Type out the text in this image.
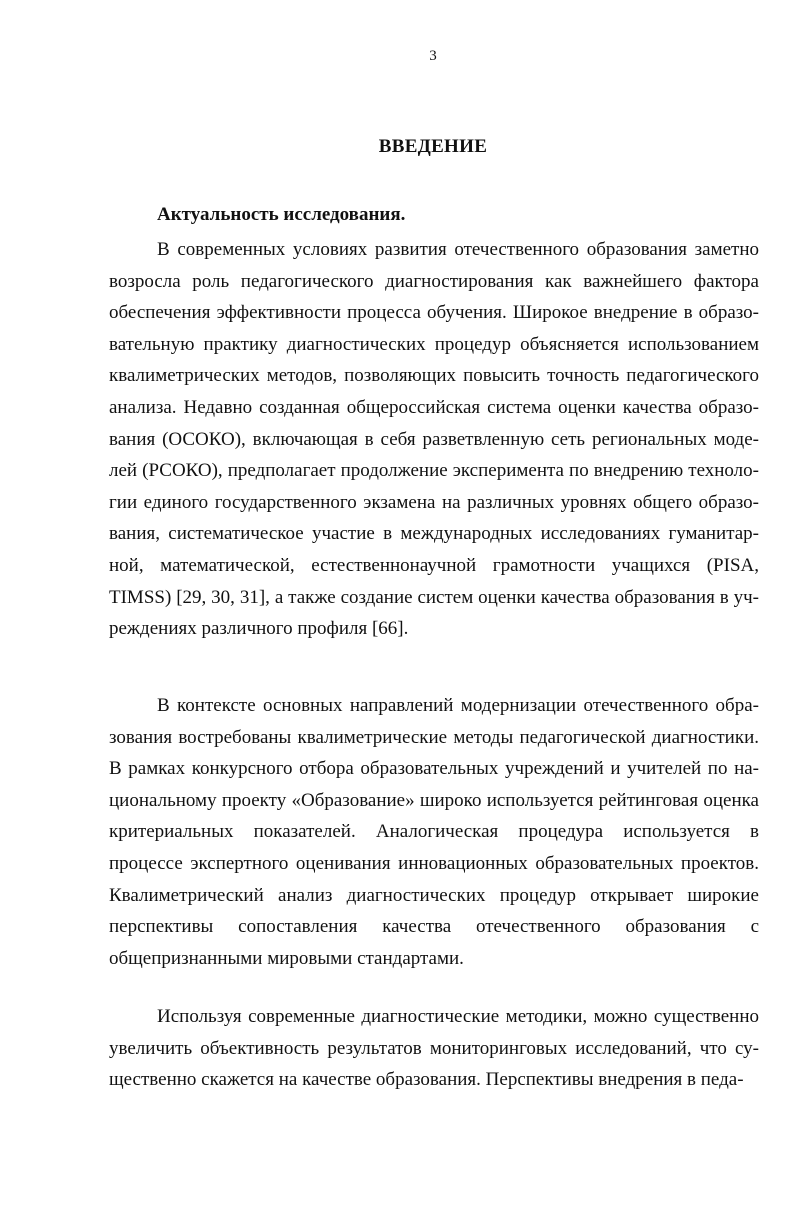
3
ВВЕДЕНИЕ
Актуальность исследования.

В современных условиях развития отечественного образования заметно возросла роль педагогического диагностирования как важнейшего фактора обеспечения эффективности процесса обучения. Широкое внедрение в образовательную практику диагностических процедур объясняется использованием квалиметрических методов, позволяющих повысить точность педагогического анализа. Недавно созданная общероссийская система оценки качества образования (ОСОКО), включающая в себя разветвленную сеть региональных моделей (РСОКО), предполагает продолжение эксперимента по внедрению технологии единого государственного экзамена на различных уровнях общего образования, систематическое участие в международных исследованиях гуманитарной, математической, естественнонаучной грамотности учащихся (PISA, TIMSS) [29, 30, 31], а также создание систем оценки качества образования в учреждениях различного профиля [66].

В контексте основных направлений модернизации отечественного образования востребованы квалиметрические методы педагогической диагностики. В рамках конкурсного отбора образовательных учреждений и учителей по национальному проекту «Образование» широко используется рейтинговая оценка критериальных показателей. Аналогическая процедура используется в процессе экспертного оценивания инновационных образовательных проектов. Квалиметрический анализ диагностических процедур открывает широкие перспективы сопоставления качества отечественного образования с общепризнанными мировыми стандартами.

Используя современные диагностические методики, можно существенно увеличить объективность результатов мониторинговых исследований, что существенно скажется на качестве образования. Перспективы внедрения в педа-
